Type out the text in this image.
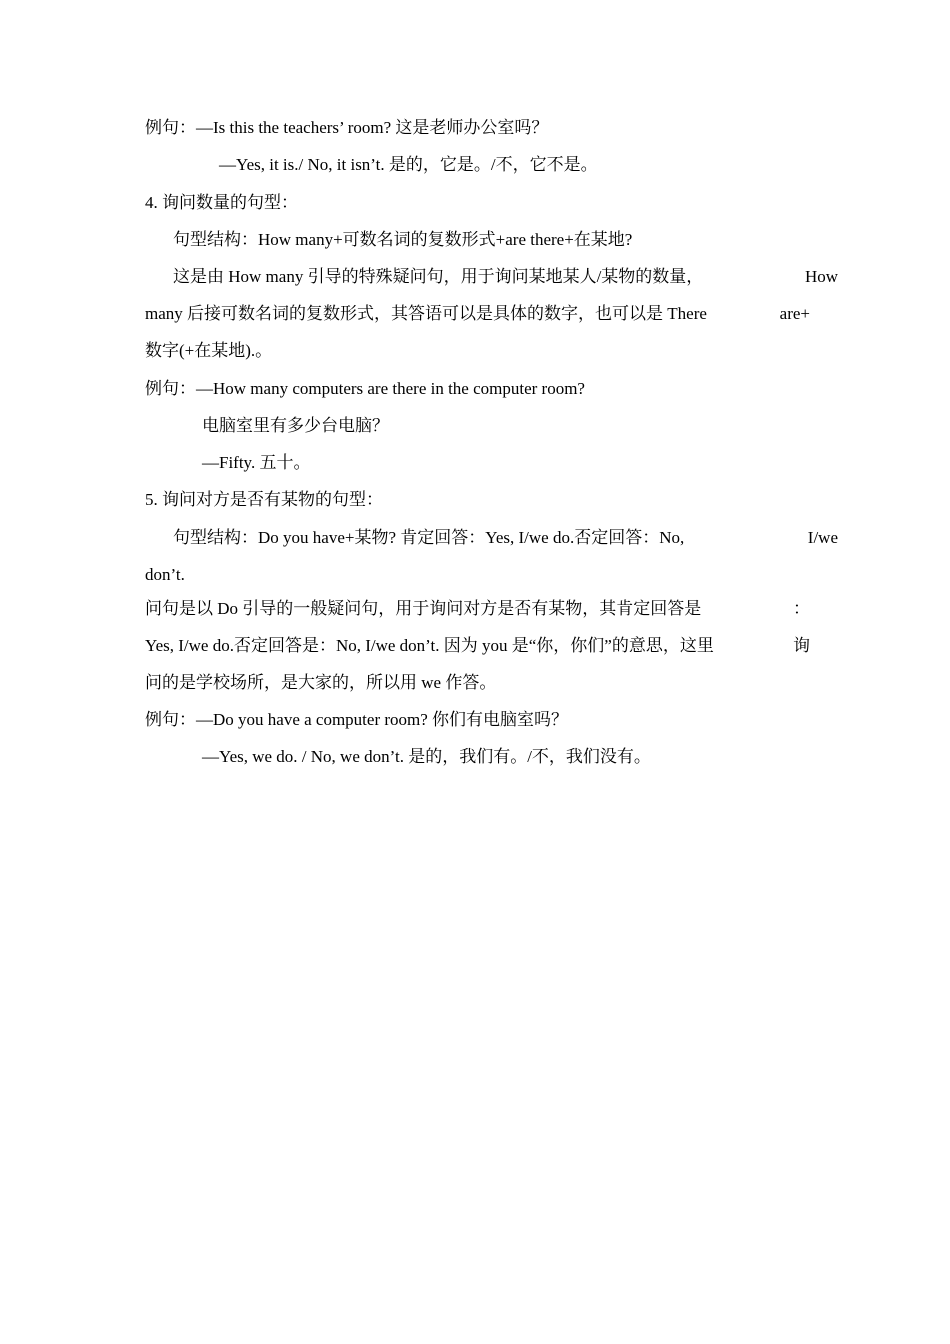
例句：—Is this the teachers’ room? 这是老师办公室吗？
—Yes, it is./ No, it isn’t. 是的，它是。/不，它不是。
4. 询问数量的句型：
句型结构：How many+可数名词的复数形式+are there+在某地?
这是由 How many 引导的特殊疑问句，用于询问某地某人/某物的数量，	How
many 后接可数名词的复数形式，其答语可以是具体的数字，也可以是 There	are+
数字(+在某地).。
例句：—How many computers are there in the computer room?
电脑室里有多少台电脑？
—Fifty. 五十。
5. 询问对方是否有某物的句型：
句型结构：Do you have+某物? 肯定回答：Yes, I/we do.否定回答：No,	I/we
don’t.
问句是以 Do 引导的一般疑问句，用于询问对方是否有某物，其肯定回答是	：
Yes, I/we do.否定回答是：No, I/we don’t. 因为 you 是“你，你们”的意思，这里	询
问的是学校场所，是大家的，所以用 we 作答。
例句：—Do you have a computer room? 你们有电脑室吗？
—Yes, we do. / No, we don’t. 是的，我们有。/不，我们没有。
